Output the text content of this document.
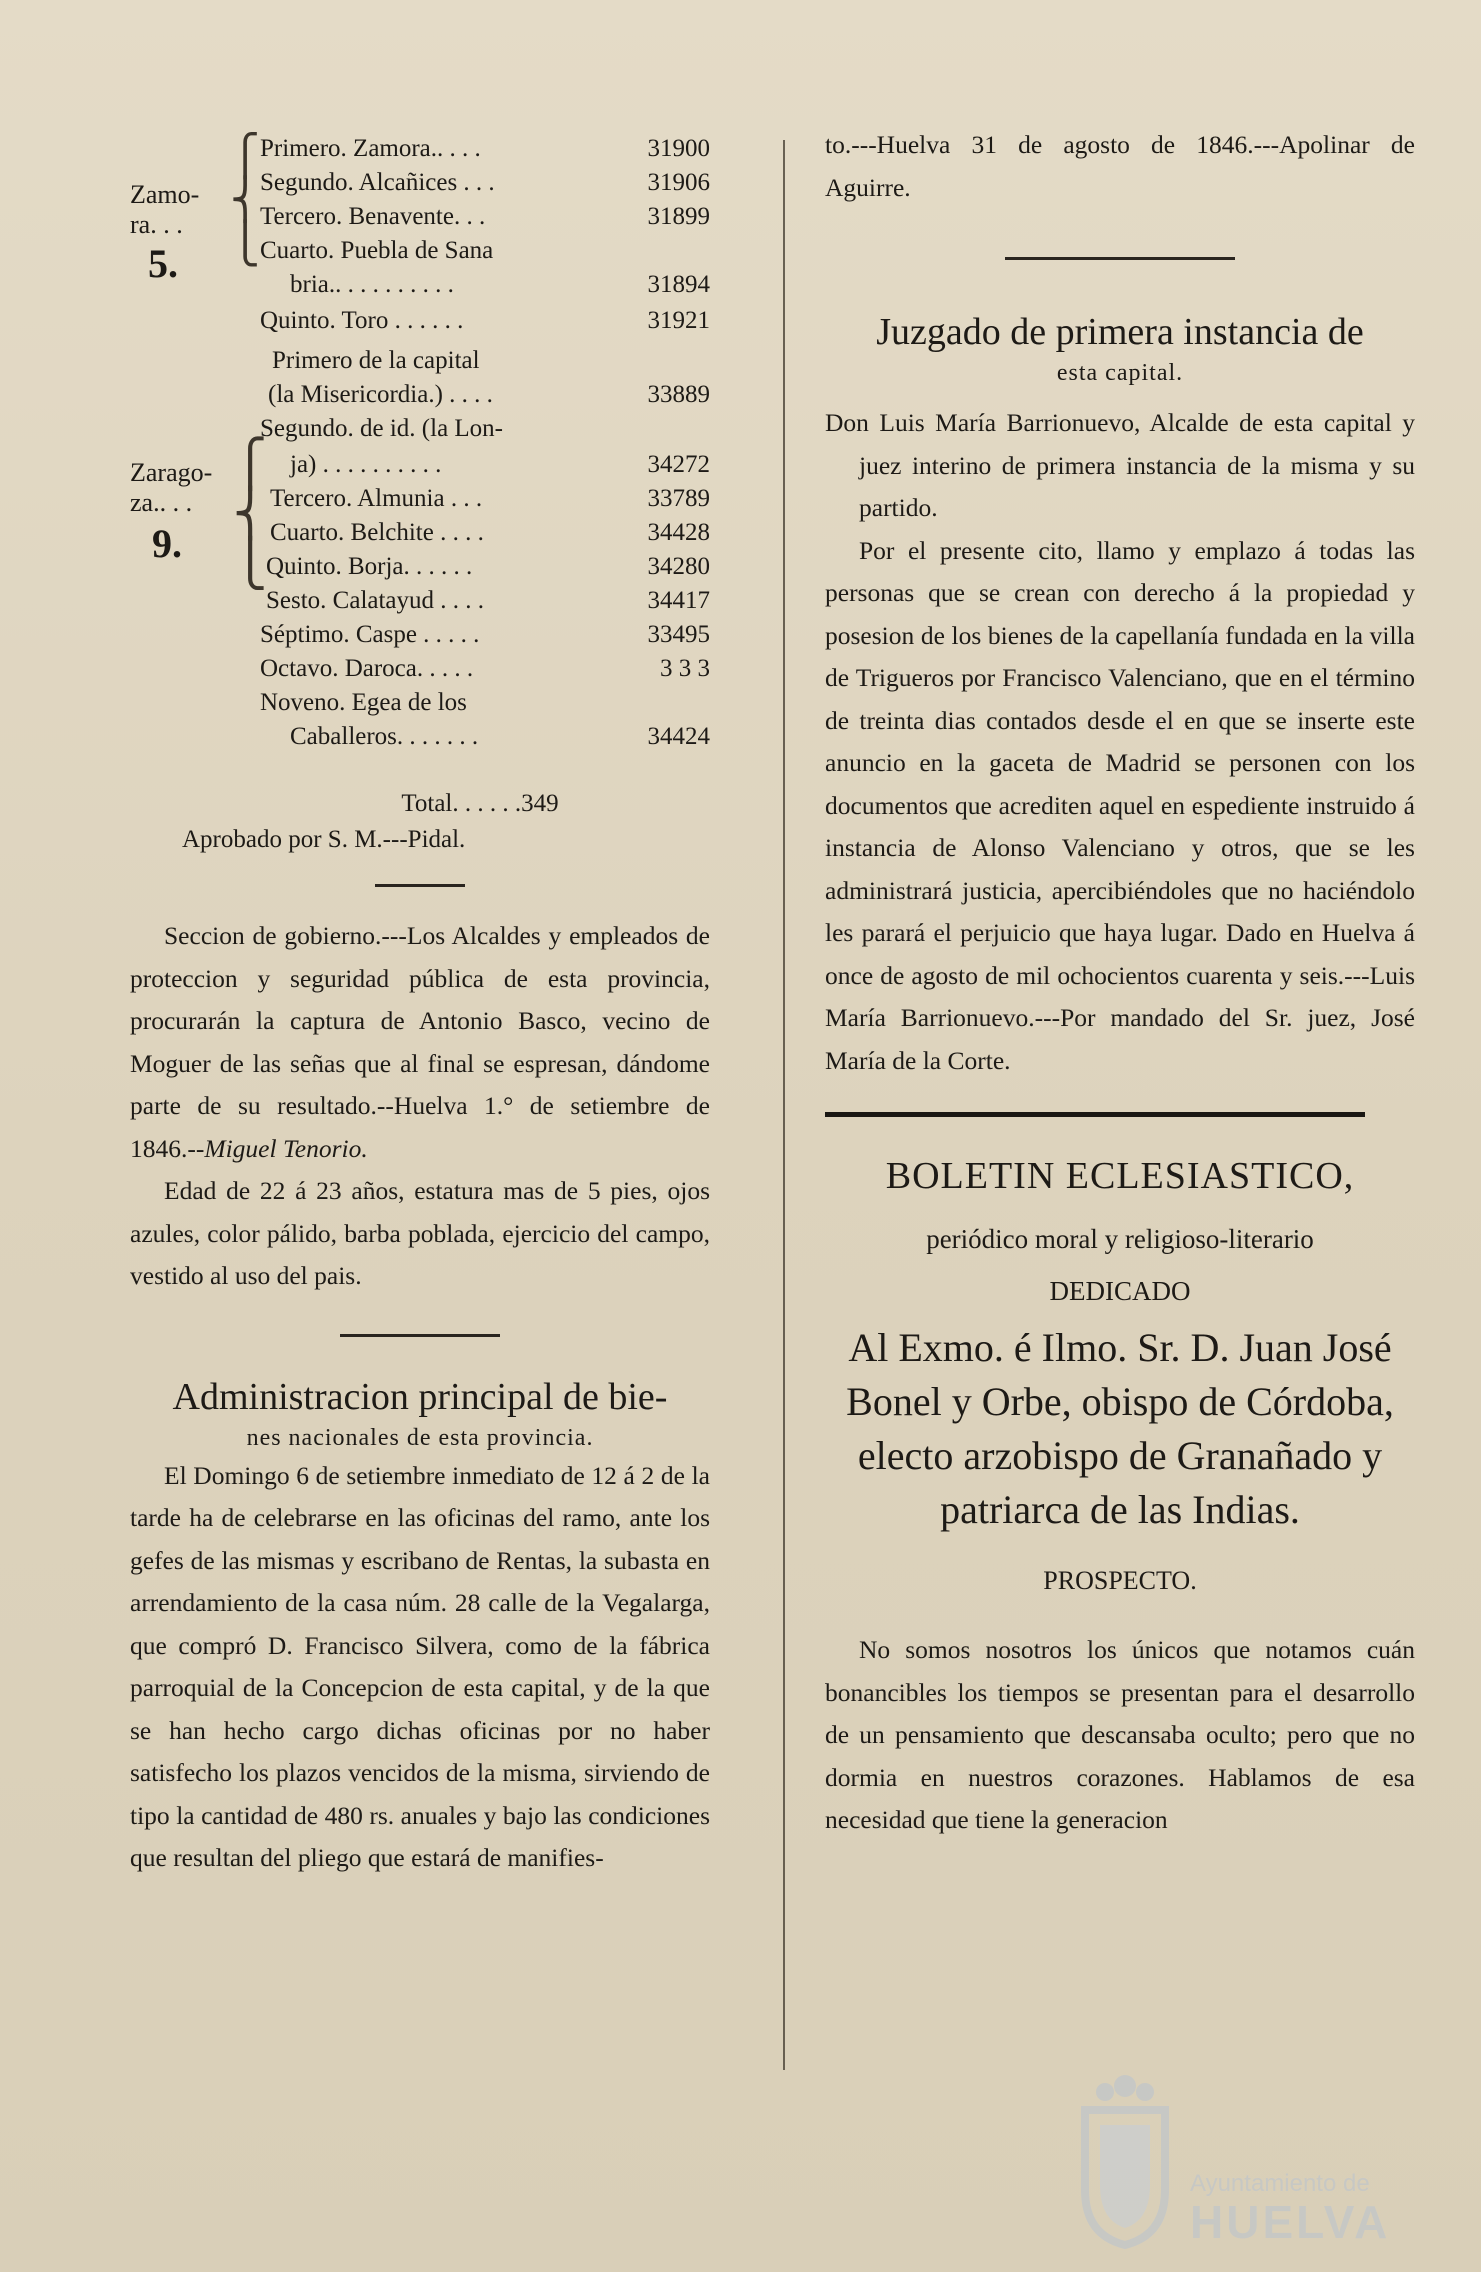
Zamo- ra. . .
5.
⎧
⎨
⎩
Primero. Zamora.. . . .	31900
Segundo. Alcañices . . .	31906
Tercero. Benavente. . .	31899
Cuarto. Puebla de Sana
bria.. . . . . . . . . .	31894
Quinto. Toro . . . . . .	31921
Zarago- za.. . .
9.
⎧
⎨
⎩
Primero de la capital
(la Misericordia.) . . . .	33889
Segundo. de id. (la Lon-
ja) . . . . . . . . . .	34272
Tercero. Almunia . . .	33789
Cuarto. Belchite . . . .	34428
Quinto. Borja. . . . . .	34280
Sesto. Calatayud . . . .	34417
Séptimo. Caspe . . . . .	33495
Octavo. Daroca. . . . .	3 3 3
Noveno. Egea de los
Caballeros. . . . . . .	34424

Total. . . . . .349

Aprobado por S. M.---Pidal.

Seccion de gobierno.---Los Alcaldes y empleados de proteccion y seguridad pública de esta provincia, procurarán la captura de Antonio Basco, vecino de Moguer de las señas que al final se espresan, dándome parte de su resultado.--Huelva 1.° de setiembre de 1846.--Miguel Tenorio.

Edad de 22 á 23 años, estatura mas de 5 pies, ojos azules, color pálido, barba poblada, ejercicio del campo, vestido al uso del pais.

Administracion principal de bie-

nes nacionales de esta provincia.

El Domingo 6 de setiembre inmediato de 12 á 2 de la tarde ha de celebrarse en las oficinas del ramo, ante los gefes de las mismas y escribano de Rentas, la subasta en arrendamiento de la casa núm. 28 calle de la Vegalarga, que compró D. Francisco Silvera, como de la fábrica parroquial de la Concepcion de esta capital, y de la que se han hecho cargo dichas oficinas por no haber satisfecho los plazos vencidos de la misma, sirviendo de tipo la cantidad de 480 rs. anuales y bajo las condiciones que resultan del pliego que estará de manifies-

to.---Huelva 31 de agosto de 1846.---Apolinar de Aguirre.

Juzgado de primera instancia de

esta capital.

Don Luis María Barrionuevo, Alcalde de esta capital y juez interino de primera instancia de la misma y su partido.

Por el presente cito, llamo y emplazo á todas las personas que se crean con derecho á la propiedad y posesion de los bienes de la capellanía fundada en la villa de Trigueros por Francisco Valenciano, que en el término de treinta dias contados desde el en que se inserte este anuncio en la gaceta de Madrid se personen con los documentos que acrediten aquel en espediente instruido á instancia de Alonso Valenciano y otros, que se les administrará justicia, apercibiéndoles que no haciéndolo les parará el perjuicio que haya lugar. Dado en Huelva á once de agosto de mil ochocientos cuarenta y seis.---Luis María Barrionuevo.---Por mandado del Sr. juez, José María de la Corte.

BOLETIN ECLESIASTICO,

periódico moral y religioso-literario

DEDICADO

Al Exmo. é Ilmo. Sr. D. Juan José Bonel y Orbe, obispo de Córdoba, electo arzobispo de Granañado y patriarca de las Indias.

PROSPECTO.

No somos nosotros los únicos que notamos cuán bonancibles los tiempos se presentan para el desarrollo de un pensamiento que descansaba oculto; pero que no dormia en nuestros corazones. Hablamos de esa necesidad que tiene la generacion

Ayuntamiento de
HUELVA
